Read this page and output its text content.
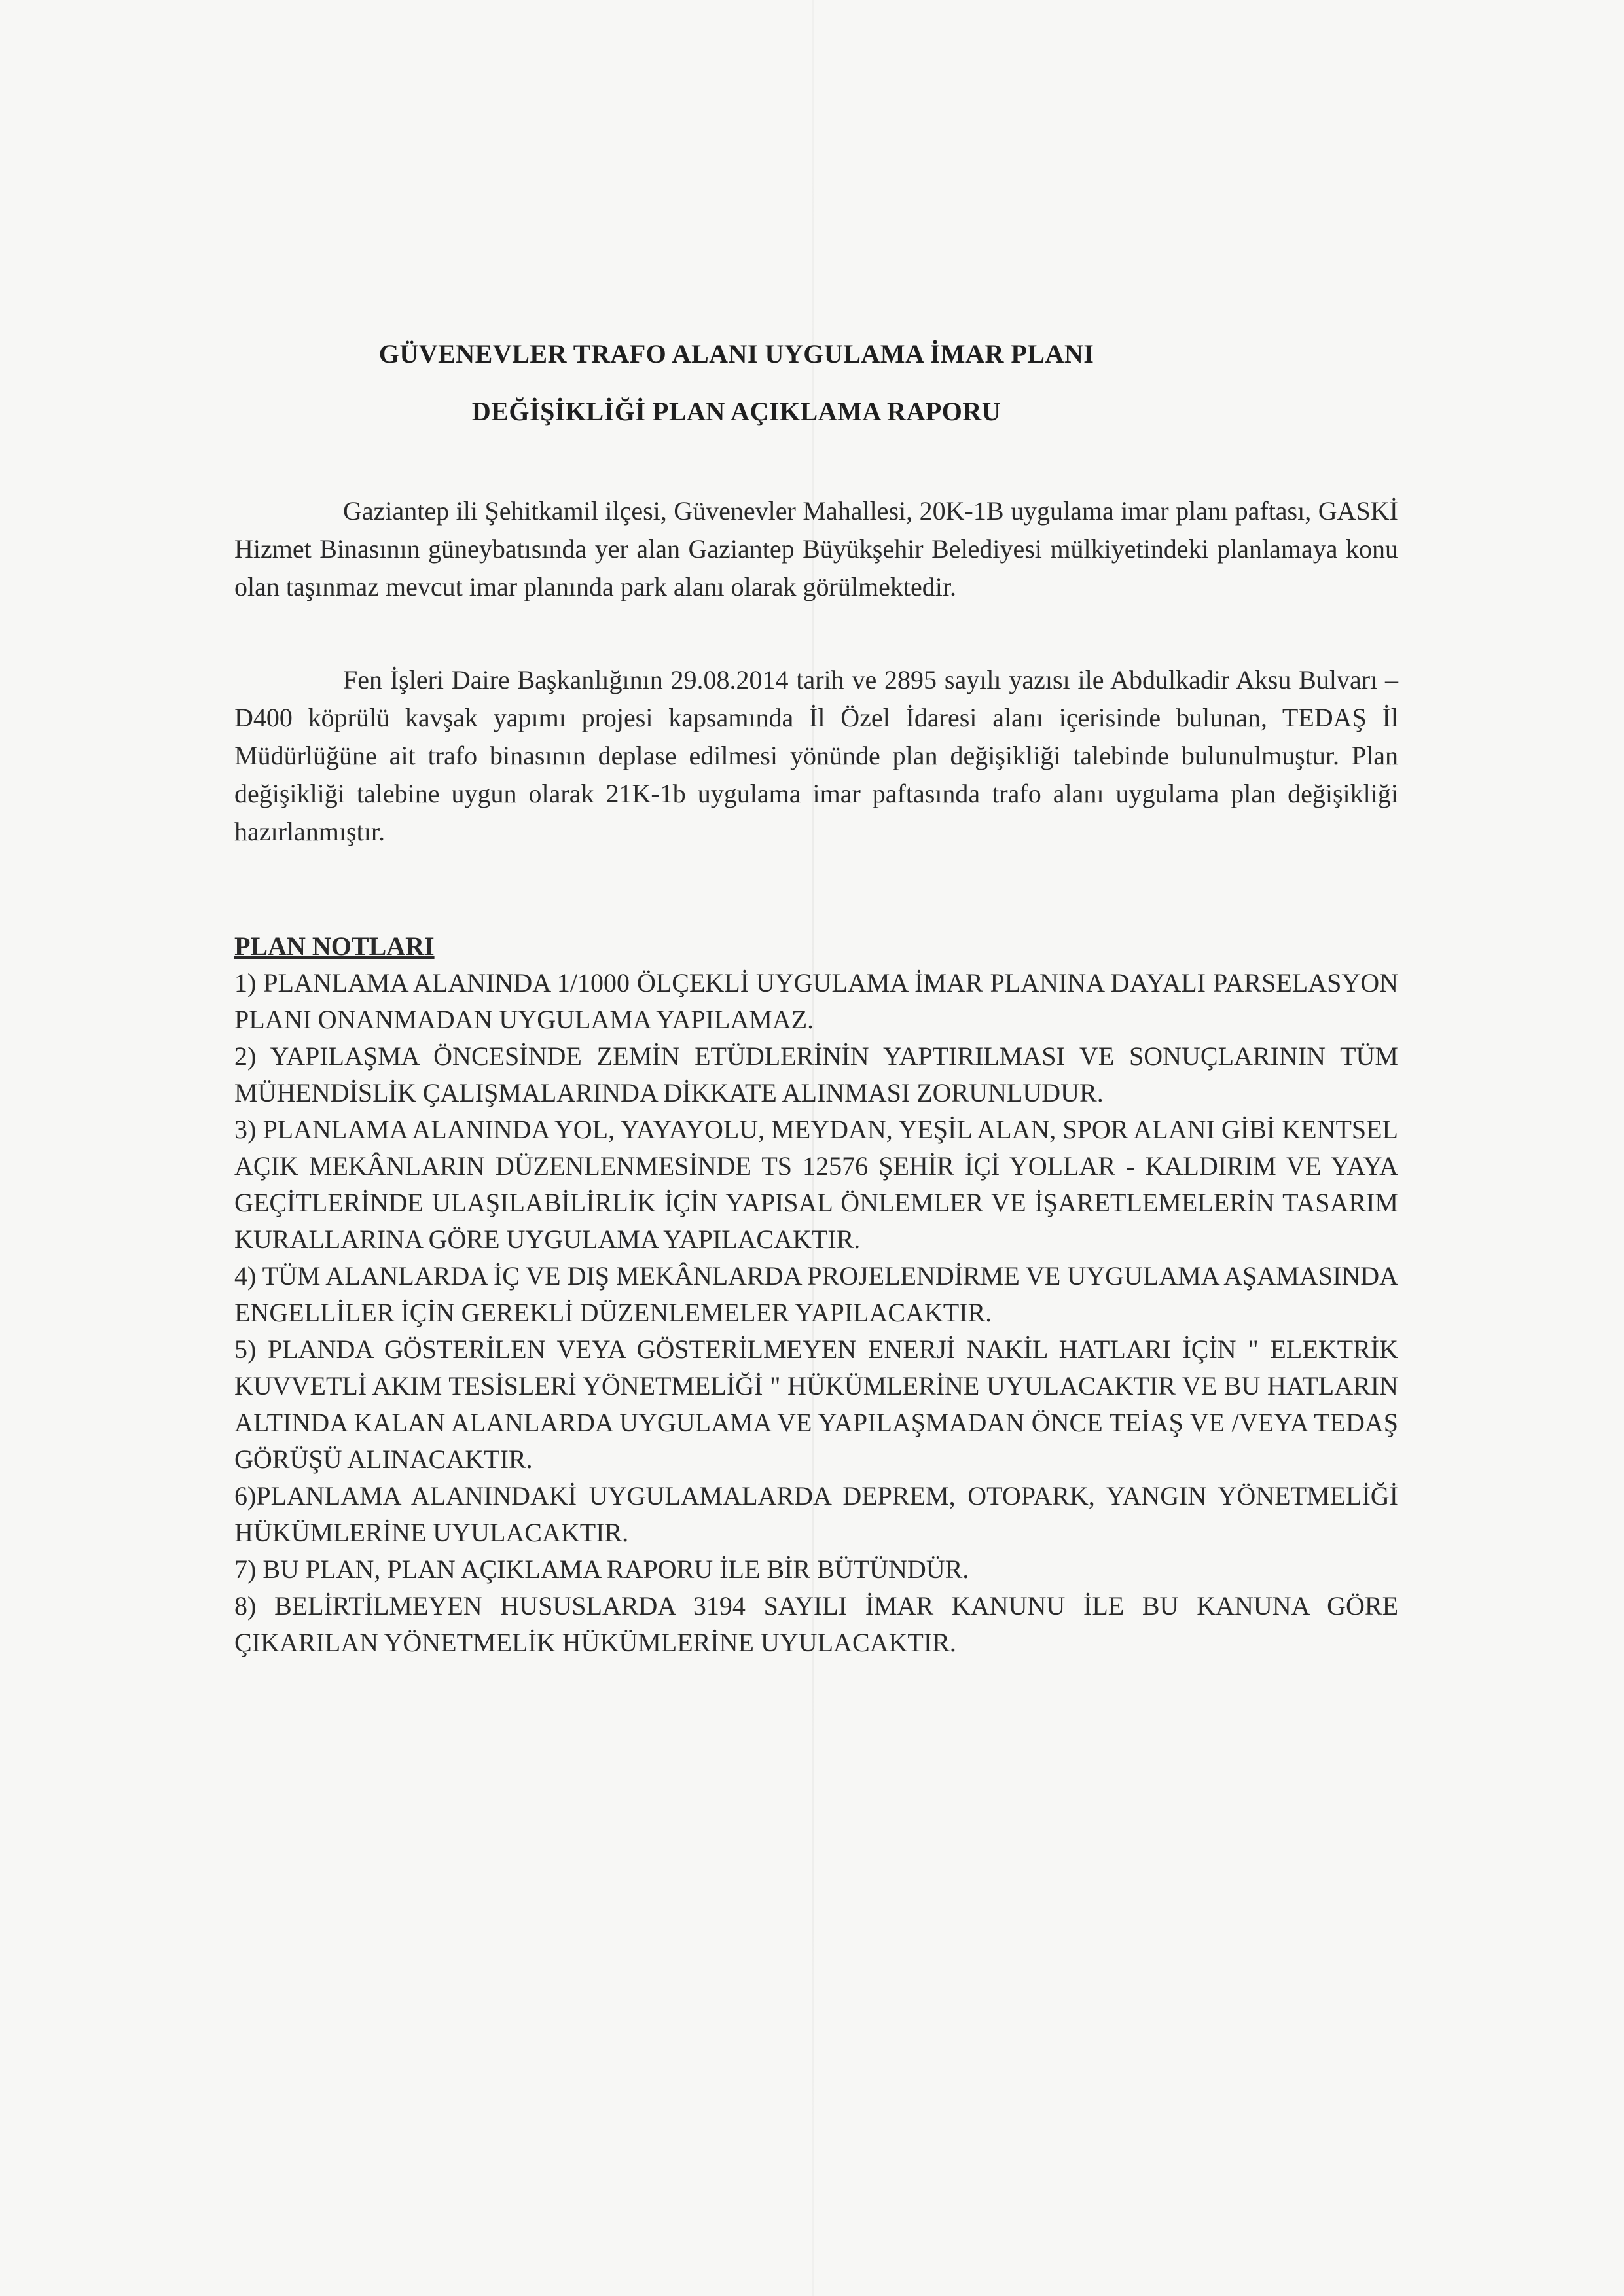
GÜVENEVLER TRAFO ALANI UYGULAMA İMAR PLANI
DEĞİŞİKLİĞİ PLAN AÇIKLAMA RAPORU
Gaziantep ili Şehitkamil ilçesi, Güvenevler Mahallesi, 20K-1B uygulama imar planı paftası, GASKİ Hizmet Binasının güneybatısında yer alan Gaziantep Büyükşehir Belediyesi mülkiyetindeki planlamaya konu olan taşınmaz mevcut imar planında park alanı olarak görülmektedir.
Fen İşleri Daire Başkanlığının 29.08.2014 tarih ve 2895 sayılı yazısı ile Abdulkadir Aksu Bulvarı – D400 köprülü kavşak yapımı projesi kapsamında İl Özel İdaresi alanı içerisinde bulunan, TEDAŞ İl Müdürlüğüne ait trafo binasının deplase edilmesi yönünde plan değişikliği talebinde bulunulmuştur. Plan değişikliği talebine uygun olarak 21K-1b uygulama imar paftasında trafo alanı uygulama plan değişikliği hazırlanmıştır.
PLAN NOTLARI
1) PLANLAMA ALANINDA 1/1000 ÖLÇEKLİ UYGULAMA İMAR PLANINA DAYALI PARSELASYON PLANI ONANMADAN UYGULAMA YAPILAMAZ.
2) YAPILAŞMA ÖNCESİNDE ZEMİN ETÜDLERİNİN YAPTIRILMASI VE SONUÇLARININ TÜM MÜHENDİSLİK ÇALIŞMALARINDA DİKKATE ALINMASI ZORUNLUDUR.
3) PLANLAMA ALANINDA YOL, YAYAYOLU, MEYDAN, YEŞİL ALAN, SPOR ALANI GİBİ KENTSEL AÇIK MEKÂNLARIN DÜZENLENMESİNDE TS 12576 ŞEHİR İÇİ YOLLAR - KALDIRIM VE YAYA GEÇİTLERİNDE ULAŞILABİLİRLİK İÇİN YAPISAL ÖNLEMLER VE İŞARETLEMELERİN TASARIM KURALLARINA GÖRE UYGULAMA YAPILACAKTIR.
4) TÜM ALANLARDA İÇ VE DIŞ MEKÂNLARDA PROJELENDİRME VE UYGULAMA AŞAMASINDA ENGELLİLER İÇİN GEREKLİ DÜZENLEMELER YAPILACAKTIR.
5) PLANDA GÖSTERİLEN VEYA GÖSTERİLMEYEN ENERJİ NAKİL HATLARI İÇİN " ELEKTRİK KUVVETLİ AKIM TESİSLERİ YÖNETMELİĞİ " HÜKÜMLERİNE UYULACAKTIR VE BU HATLARIN ALTINDA KALAN ALANLARDA UYGULAMA VE YAPILAŞMADAN ÖNCE TEİAŞ VE /VEYA TEDAŞ GÖRÜŞÜ ALINACAKTIR.
6)PLANLAMA ALANINDAKİ UYGULAMALARDA DEPREM, OTOPARK, YANGIN YÖNETMELİĞİ HÜKÜMLERİNE UYULACAKTIR.
7) BU PLAN, PLAN AÇIKLAMA RAPORU İLE BİR BÜTÜNDÜR.
8) BELİRTİLMEYEN HUSUSLARDA 3194 SAYILI İMAR KANUNU İLE BU KANUNA GÖRE ÇIKARILAN YÖNETMELİK HÜKÜMLERİNE UYULACAKTIR.
